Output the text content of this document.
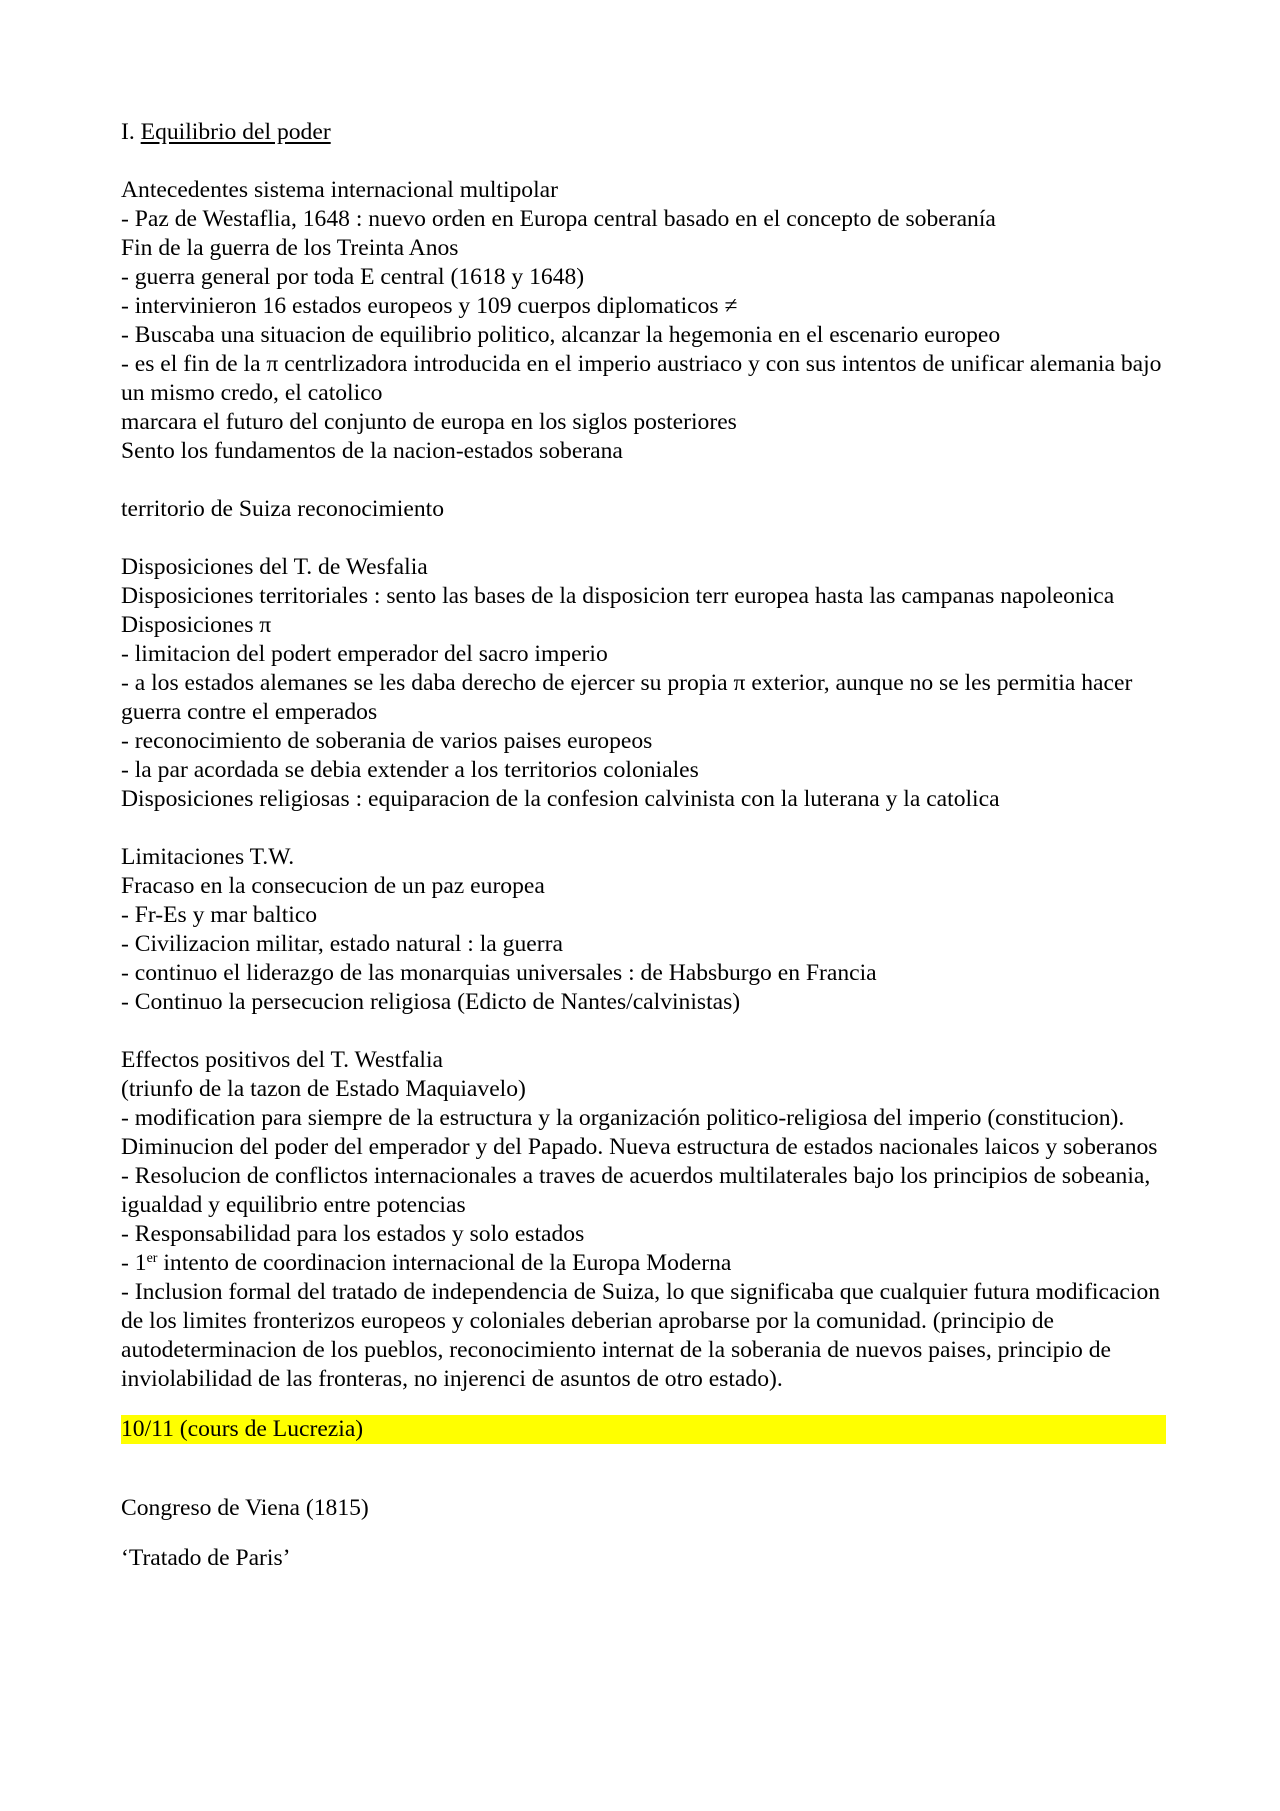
I. Equilibrio del poder
Antecedentes sistema internacional multipolar
- Paz de Westaflia, 1648 : nuevo orden en Europa central basado en el concepto de soberanía
Fin de la guerra de los Treinta Anos
- guerra general por toda E central (1618 y 1648)
- intervinieron 16 estados europeos y 109 cuerpos diplomaticos ≠
- Buscaba una situacion de equilibrio politico, alcanzar la hegemonia en el escenario europeo
- es el fin de la π centrlizadora introducida en el imperio austriaco y con sus intentos de unificar alemania bajo un mismo credo, el catolico
marcara el futuro del conjunto de europa en los siglos posteriores
Sento los fundamentos de la nacion-estados soberana
territorio de Suiza reconocimiento
Disposiciones del T. de Wesfalia
Disposiciones territoriales : sento las bases de la disposicion terr europea hasta las campanas napoleonica
Disposiciones π
- limitacion del podert emperador del sacro imperio
- a los estados alemanes se les daba derecho de ejercer su propia π exterior, aunque no se les permitia hacer guerra contre el emperados
- reconocimiento de soberania de varios paises europeos
- la par acordada se debia extender a los territorios coloniales
Disposiciones religiosas : equiparacion de la confesion calvinista con la luterana y la catolica
Limitaciones T.W.
Fracaso en la consecucion de un paz europea
- Fr-Es y mar baltico
- Civilizacion militar, estado natural : la guerra
- continuo el liderazgo de las monarquias universales : de Habsburgo en Francia
- Continuo la persecucion religiosa (Edicto de Nantes/calvinistas)
Effectos positivos del T. Westfalia
(triunfo de la tazon de Estado Maquiavelo)
- modification para siempre de la estructura y la organización politico-religiosa del imperio (constitucion). Diminucion del poder del emperador y del Papado. Nueva estructura de estados nacionales laicos y soberanos
- Resolucion de conflictos internacionales a traves de acuerdos multilaterales bajo los principios de sobeania, igualdad y equilibrio entre potencias
- Responsabilidad para los estados y solo estados
- 1er intento de coordinacion internacional de la Europa Moderna
- Inclusion formal del tratado de independencia de Suiza, lo que significaba que cualquier futura modificacion de los limites fronterizos europeos y coloniales deberian aprobarse por la comunidad. (principio de autodeterminacion de los pueblos, reconocimiento internat de la soberania de nuevos paises, principio de inviolabilidad de las fronteras, no injerenci de asuntos de otro estado).
10/11 (cours de Lucrezia)
Congreso de Viena (1815)
‘Tratado de Paris’
